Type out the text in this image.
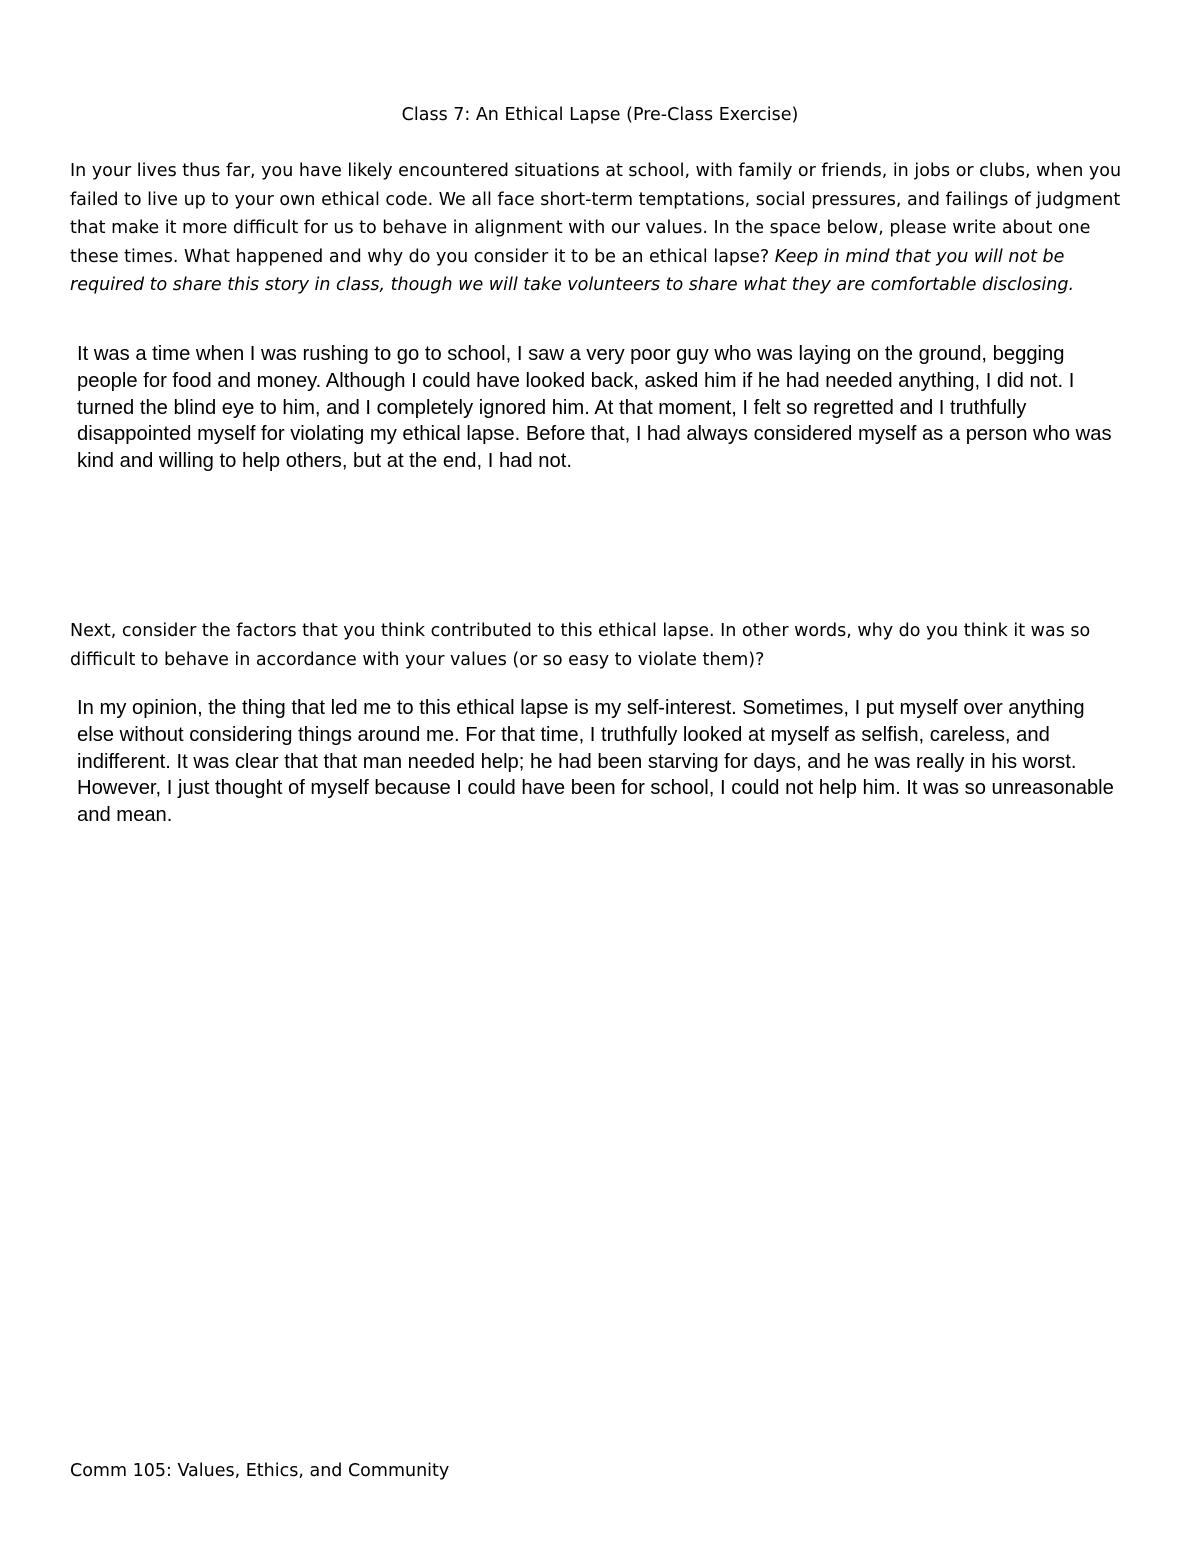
Class 7: An Ethical Lapse (Pre-Class Exercise)

In your lives thus far, you have likely encountered situations at school, with family or friends, in jobs or clubs, when you failed to live up to your own ethical code. We all face short-term temptations, social pressures, and failings of judgment that make it more difficult for us to behave in alignment with our values. In the space below, please write about one these times. What happened and why do you consider it to be an ethical lapse? Keep in mind that you will not be required to share this story in class, though we will take volunteers to share what they are comfortable disclosing.

It was a time when I was rushing to go to school, I saw a very poor guy who was laying on the ground, begging people for food and money. Although I could have looked back, asked him if he had needed anything, I did not. I turned the blind eye to him, and I completely ignored him. At that moment, I felt so regretted and I truthfully disappointed myself for violating my ethical lapse. Before that, I had always considered myself as a person who was kind and willing to help others, but at the end, I had not.

Next, consider the factors that you think contributed to this ethical lapse. In other words, why do you think it was so difficult to behave in accordance with your values (or so easy to violate them)?

In my opinion, the thing that led me to this ethical lapse is my self-interest. Sometimes, I put myself over anything else without considering things around me. For that time, I truthfully looked at myself as selfish, careless, and indifferent. It was clear that that man needed help; he had been starving for days, and he was really in his worst. However, I just thought of myself because I could have been for school, I could not help him. It was so unreasonable and mean.

Comm 105: Values, Ethics, and Community
